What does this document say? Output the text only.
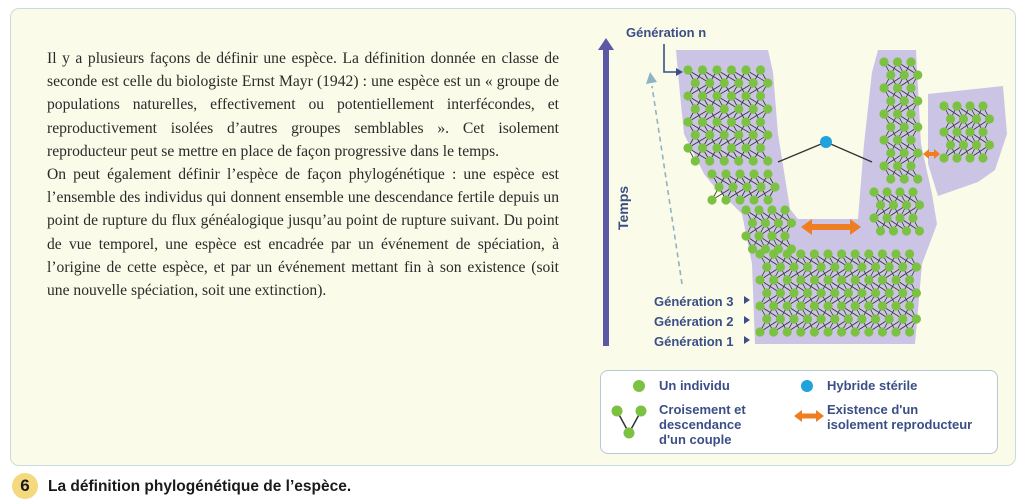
Il y a plusieurs façons de définir une espèce. La définition donnée en classe de seconde est celle du biologiste Ernst Mayr (1942) : une espèce est un « groupe de populations naturelles, effectivement ou potentiellement interfécondes, et reproductivement isolées d’autres groupes semblables ». Cet isolement reproducteur peut se mettre en place de façon progressive dans le temps.

On peut également définir l’espèce de façon phylogénétique : une espèce est l’ensemble des individus qui donnent ensemble une descendance fertile depuis un point de rupture du flux généalogique jusqu’au point de rupture suivant. Du point de vue temporel, une espèce est encadrée par un événement de spéciation, à l’origine de cette espèce, et par un événement mettant fin à son existence (soit une nouvelle spéciation, soit une extinction).

Temps
Génération n
Génération 3
Génération 2
Génération 1
Un individu	Hybride stérile
Croisement et
descendance
d'un couple
Existence d'un
isolement reproducteur
6	La définition phylogénétique de l’espèce.
